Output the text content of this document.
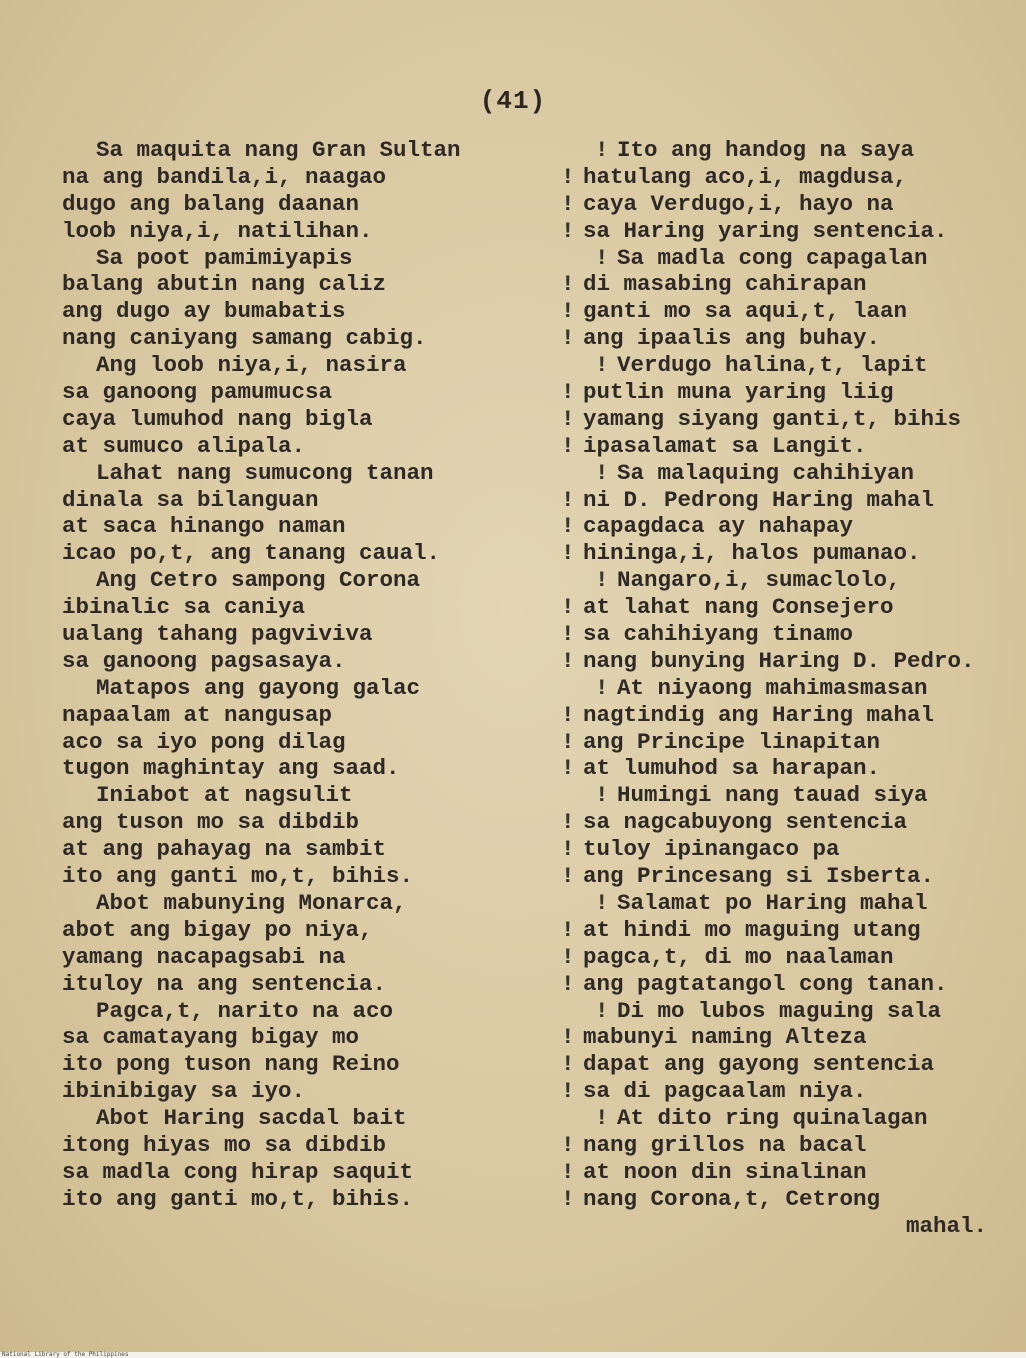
(41)
Sa maquita nang Gran Sultan
na ang bandila,i, naagao
dugo ang balang daanan
loob niya,i, natilihan.
Sa poot pamimiyapis
balang abutin nang caliz
ang dugo ay bumabatis
nang caniyang samang cabig.
Ang loob niya,i, nasira
sa ganoong pamumucsa
caya lumuhod nang bigla
at sumuco alipala.
Lahat nang sumucong tanan
dinala sa bilanguan
at saca hinango naman
icao po,t, ang tanang caual.
Ang Cetro sampong Corona
ibinalic sa caniya
ualang tahang pagviviva
sa ganoong pagsasaya.
Matapos ang gayong galac
napaalam at nangusap
aco sa iyo pong dilag
tugon maghintay ang saad.
Iniabot at nagsulit
ang tuson mo sa dibdib
at ang pahayag na sambit
ito ang ganti mo,t, bihis.
Abot mabunying Monarca,
abot ang bigay po niya,
yamang nacapagsabi na
ituloy na ang sentencia.
Pagca,t, narito na aco
sa camatayang bigay mo
ito pong tuson nang Reino
ibinibigay sa iyo.
Abot Haring sacdal bait
itong hiyas mo sa dibdib
sa madla cong hirap saquit
ito ang ganti mo,t, bihis.
! Ito ang handog na saya
! hatulang aco,i, magdusa,
! caya Verdugo,i, hayo na
! sa Haring yaring sentencia.
! Sa madla cong capagalan
! di masabing cahirapan
! ganti mo sa aqui,t, laan
! ang ipaalis ang buhay.
! Verdugo halina,t, lapit
! putlin muna yaring liig
! yamang siyang ganti,t, bihis
! ipasalamat sa Langit.
! Sa malaquing cahihiyan
! ni D. Pedrong Haring mahal
! capagdaca ay nahapay
! hininga,i, halos pumanao.
! Nangaro,i, sumaclolo,
! at lahat nang Consejero
! sa cahihiyang tinamo
! nang bunying Haring D. Pedro.
! At niyaong mahimasmasan
! nagtindig ang Haring mahal
! ang Principe linapitan
! at lumuhod sa harapan.
! Humingi nang tauad siya
! sa nagcabuyong sentencia
! tuloy ipinangaco pa
! ang Princesang si Isberta.
! Salamat po Haring mahal
! at hindi mo maguing utang
! pagca,t, di mo naalaman
! ang pagtatangol cong tanan.
! Di mo lubos maguing sala
! mabunyi naming Alteza
! dapat ang gayong sentencia
! sa di pagcaalam niya.
! At dito ring quinalagan
! nang grillos na bacal
! at noon din sinalinan
! nang Corona,t, Cetrong
mahal.
National Library of the Philippines
